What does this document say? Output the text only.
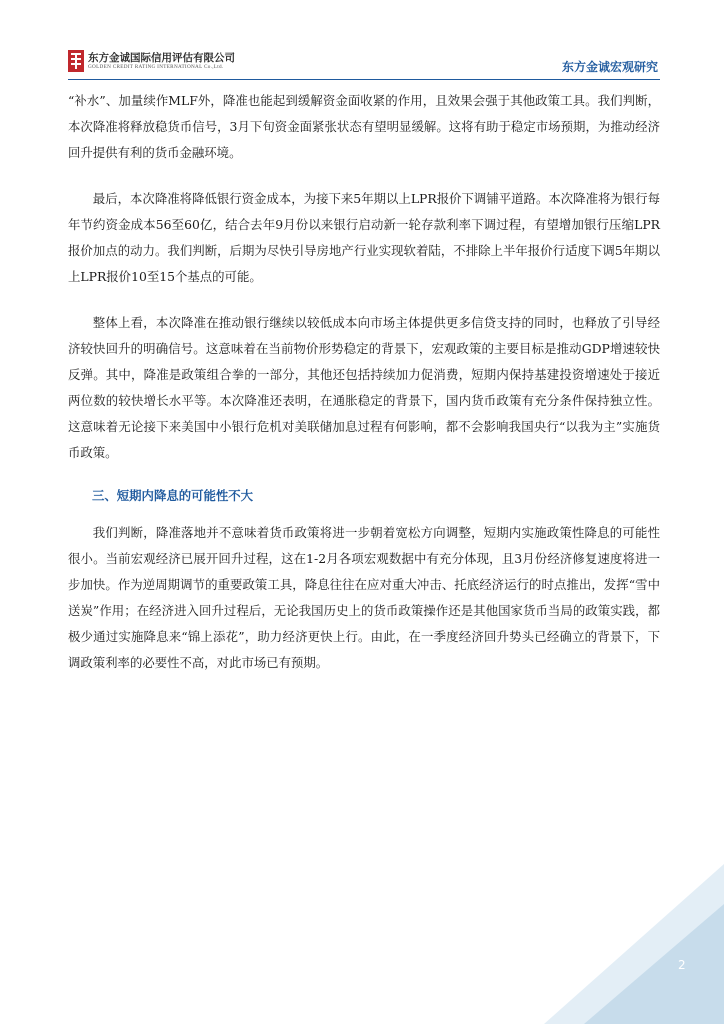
东方金诚国际信用评估有限公司
GOLDEN CREDIT RATING INTERNATIONAL Co.,Ltd.	东方金诚宏观研究

“补水”、加量续作MLF外，降准也能起到缓解资金面收紧的作用，且效果会强于其他政策工具。我们判断，本次降准将释放稳货币信号，3月下旬资金面紧张状态有望明显缓解。这将有助于稳定市场预期，为推动经济回升提供有利的货币金融环境。

最后，本次降准将降低银行资金成本，为接下来5年期以上LPR报价下调铺平道路。本次降准将为银行每年节约资金成本56至60亿，结合去年9月份以来银行启动新一轮存款利率下调过程，有望增加银行压缩LPR报价加点的动力。我们判断，后期为尽快引导房地产行业实现软着陆，不排除上半年报价行适度下调5年期以上LPR报价10至15个基点的可能。

整体上看，本次降准在推动银行继续以较低成本向市场主体提供更多信贷支持的同时，也释放了引导经济较快回升的明确信号。这意味着在当前物价形势稳定的背景下，宏观政策的主要目标是推动GDP增速较快反弹。其中，降准是政策组合拳的一部分，其他还包括持续加力促消费，短期内保持基建投资增速处于接近两位数的较快增长水平等。本次降准还表明，在通胀稳定的背景下，国内货币政策有充分条件保持独立性。这意味着无论接下来美国中小银行危机对美联储加息过程有何影响，都不会影响我国央行“以我为主”实施货币政策。

三、短期内降息的可能性不大

我们判断，降准落地并不意味着货币政策将进一步朝着宽松方向调整，短期内实施政策性降息的可能性很小。当前宏观经济已展开回升过程，这在1-2月各项宏观数据中有充分体现，且3月份经济修复速度将进一步加快。作为逆周期调节的重要政策工具，降息往往在应对重大冲击、托底经济运行的时点推出，发挥“雪中送炭”作用；在经济进入回升过程后，无论我国历史上的货币政策操作还是其他国家货币当局的政策实践，都极少通过实施降息来“锦上添花”，助力经济更快上行。由此，在一季度经济回升势头已经确立的背景下，下调政策利率的必要性不高，对此市场已有预期。

2
